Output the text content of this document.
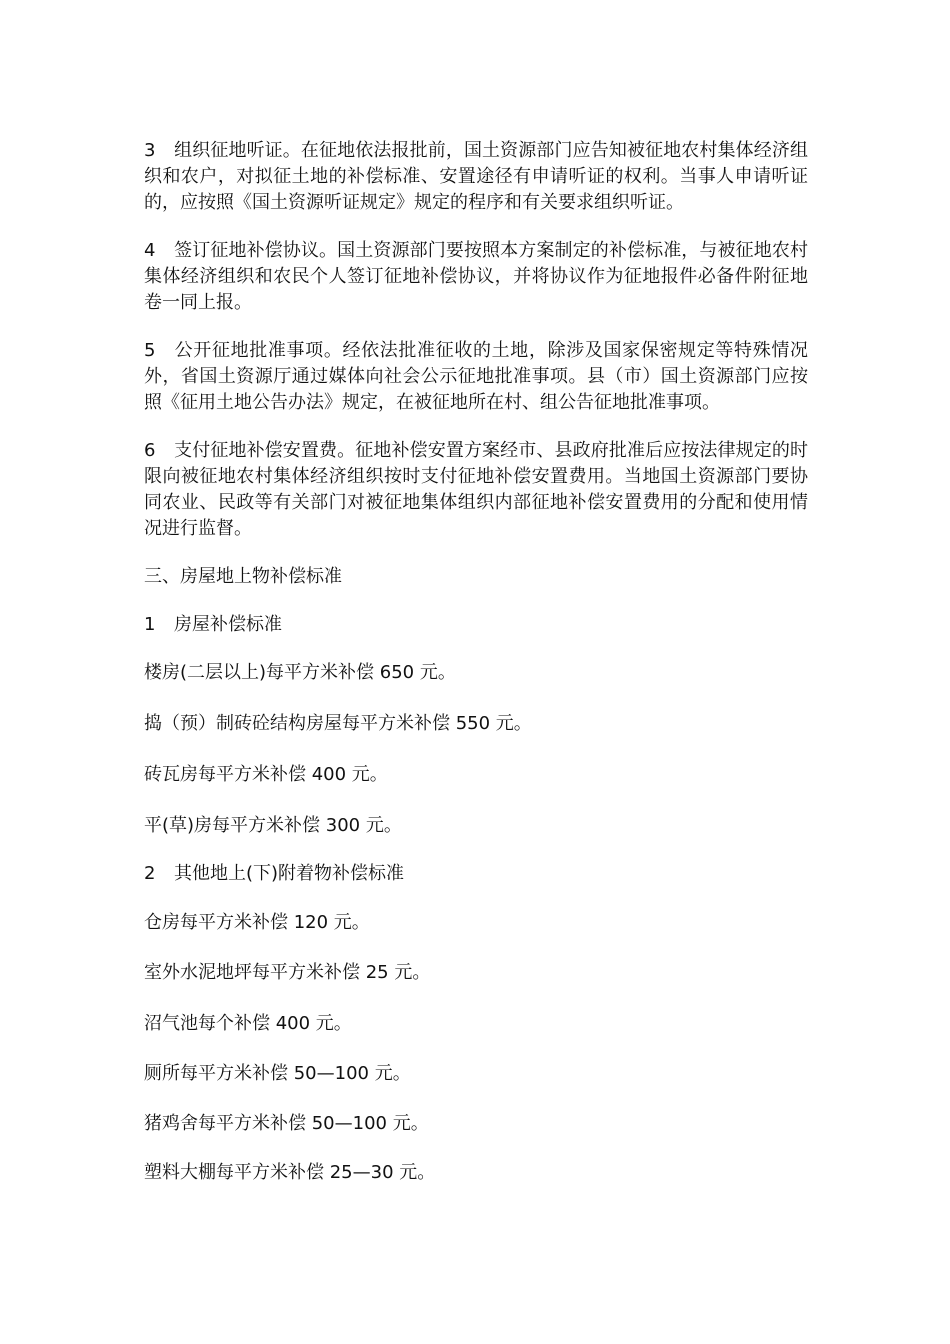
3 组织征地听证。在征地依法报批前，国土资源部门应告知被征地农村集体经济组织和农户，对拟征土地的补偿标准、安置途径有申请听证的权利。当事人申请听证的，应按照《国土资源听证规定》规定的程序和有关要求组织听证。
4 签订征地补偿协议。国土资源部门要按照本方案制定的补偿标准，与被征地农村集体经济组织和农民个人签订征地补偿协议，并将协议作为征地报件必备件附征地卷一同上报。
5 公开征地批准事项。经依法批准征收的土地，除涉及国家保密规定等特殊情况外，省国土资源厅通过媒体向社会公示征地批准事项。县（市）国土资源部门应按照《征用土地公告办法》规定，在被征地所在村、组公告征地批准事项。
6 支付征地补偿安置费。征地补偿安置方案经市、县政府批准后应按法律规定的时限向被征地农村集体经济组织按时支付征地补偿安置费用。当地国土资源部门要协同农业、民政等有关部门对被征地集体组织内部征地补偿安置费用的分配和使用情况进行监督。
三、房屋地上物补偿标准
1 房屋补偿标准
楼房(二层以上)每平方米补偿 650 元。
捣（预）制砖砼结构房屋每平方米补偿 550 元。
砖瓦房每平方米补偿 400 元。
平(草)房每平方米补偿 300 元。
2 其他地上(下)附着物补偿标准
仓房每平方米补偿 120 元。
室外水泥地坪每平方米补偿 25 元。
沼气池每个补偿 400 元。
厕所每平方米补偿 50—100 元。
猪鸡舍每平方米补偿 50—100 元。
塑料大棚每平方米补偿 25—30 元。
